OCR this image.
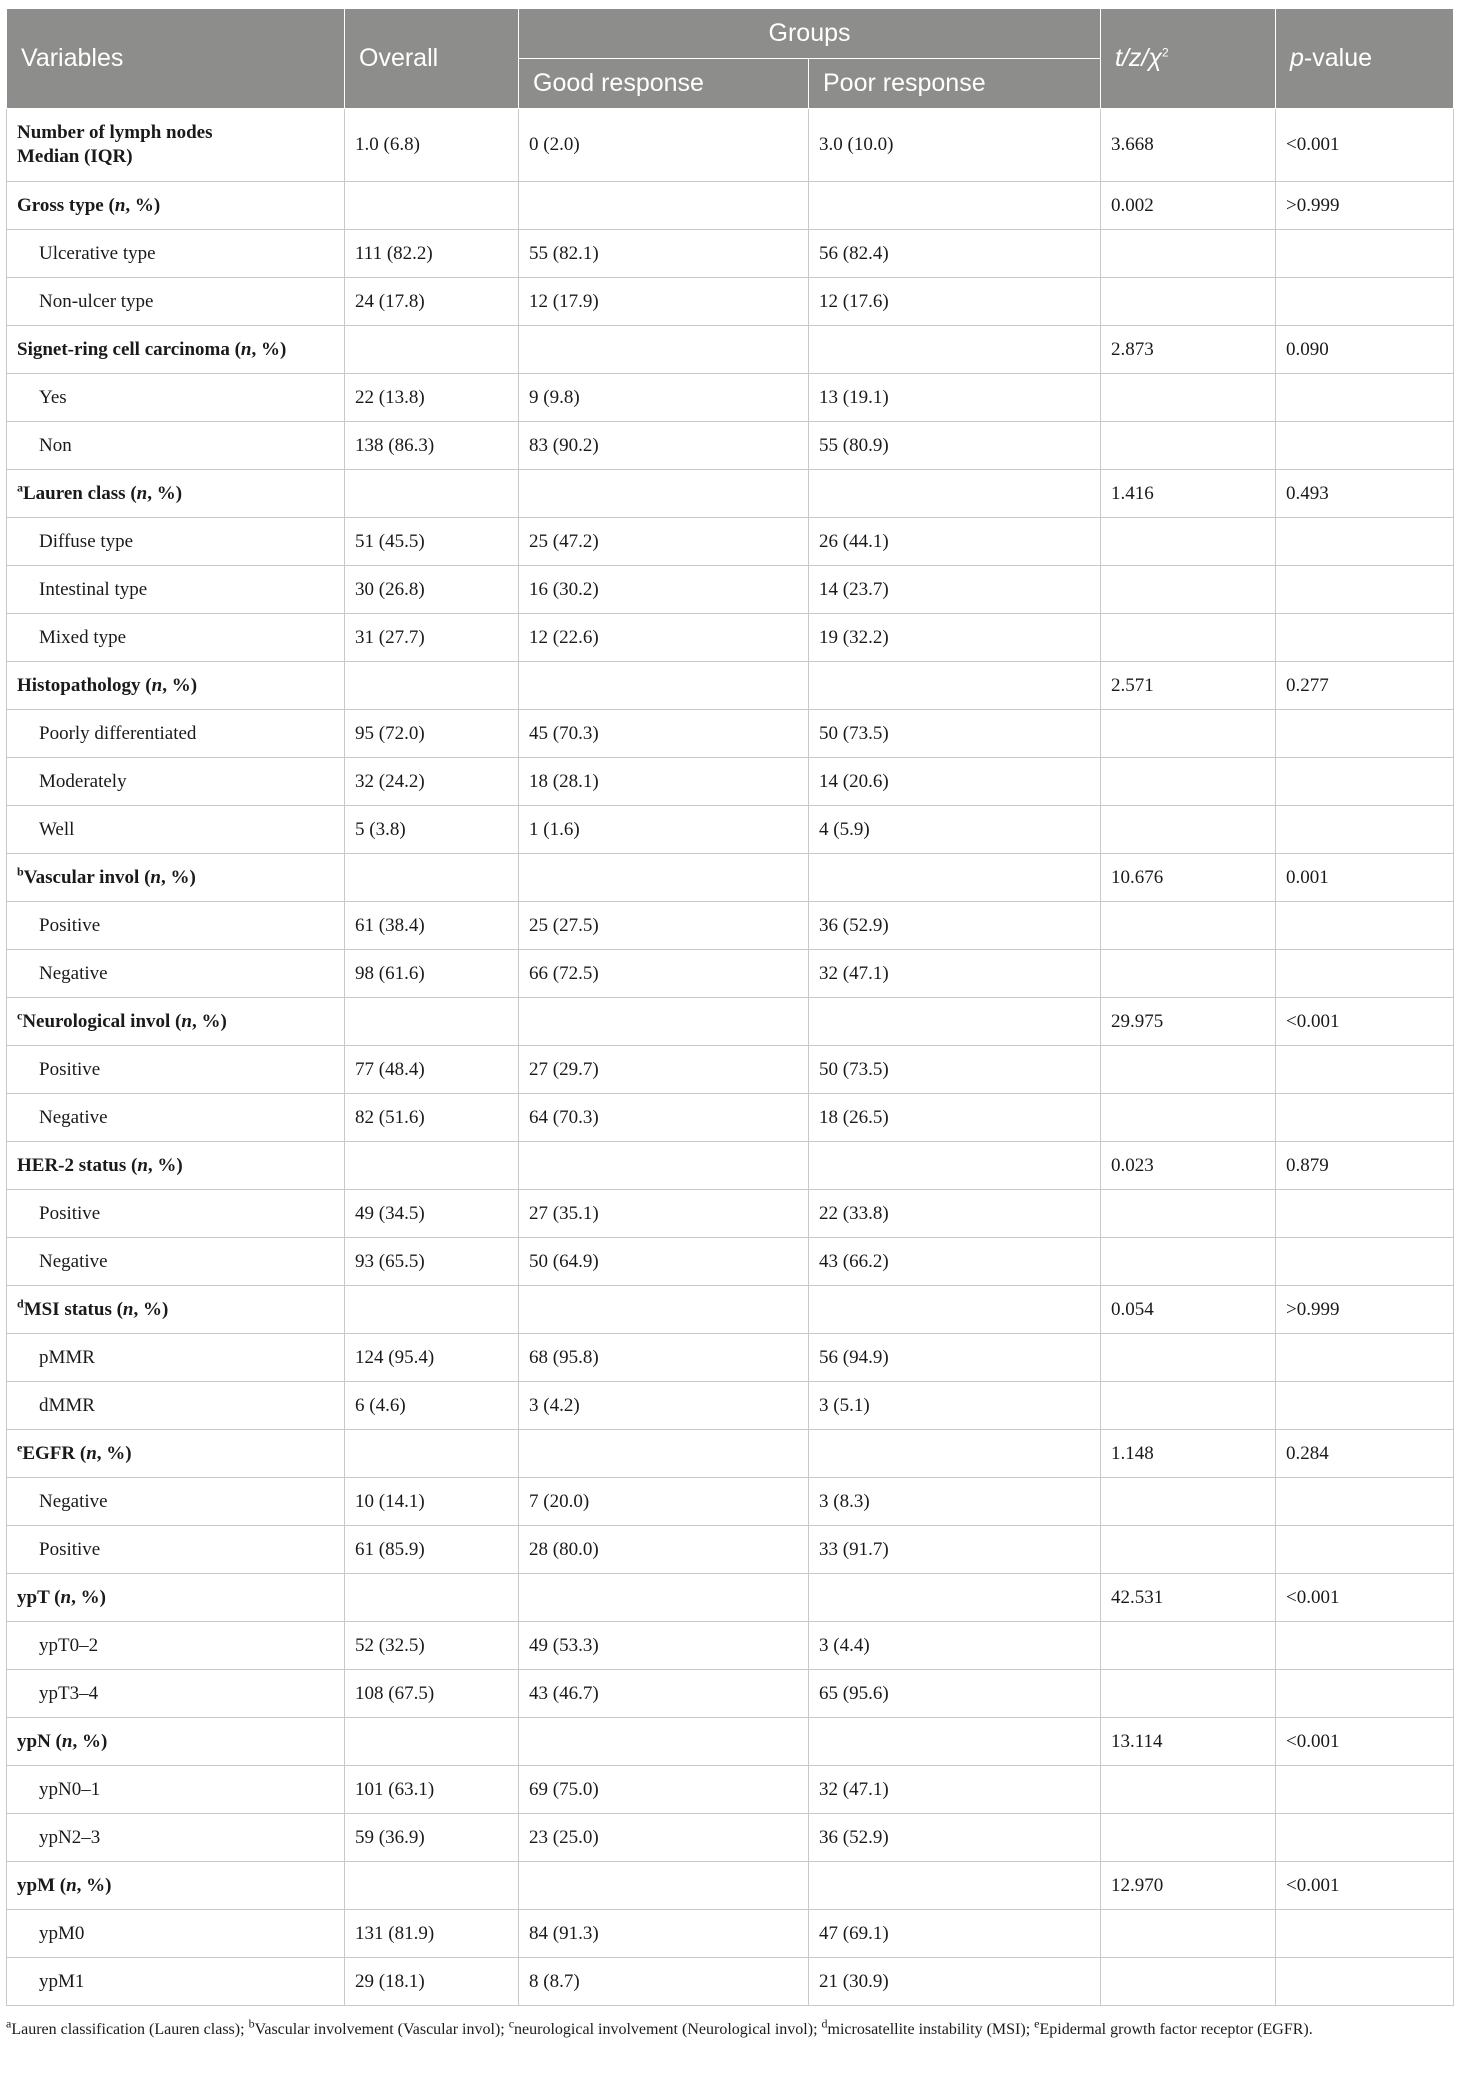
Variables	Overall	Groups		$t/z/\chi^2$	p-value
		Good response	Poor response		
Number of lymph nodes
Median (IQR)	1.0 (6.8)	0 (2.0)	3.0 (10.0)	3.668	<0.001
Gross type (n, %)				0.002	>0.999
Ulcerative type	111 (82.2)	55 (82.1)	56 (82.4)		
Non-ulcer type	24 (17.8)	12 (17.9)	12 (17.6)		
Signet-ring cell carcinoma (n, %)				2.873	0.090
Yes	22 (13.8)	9 (9.8)	13 (19.1)		
Non	138 (86.3)	83 (90.2)	55 (80.9)		
$^a$Lauren class (n, %)				1.416	0.493
Diffuse type	51 (45.5)	25 (47.2)	26 (44.1)		
Intestinal type	30 (26.8)	16 (30.2)	14 (23.7)		
Mixed type	31 (27.7)	12 (22.6)	19 (32.2)		
Histopathology (n, %)				2.571	0.277
Poorly differentiated	95 (72.0)	45 (70.3)	50 (73.5)		
Moderately	32 (24.2)	18 (28.1)	14 (20.6)		
Well	5 (3.8)	1 (1.6)	4 (5.9)		
$^b$Vascular invol (n, %)				10.676	0.001
Positive	61 (38.4)	25 (27.5)	36 (52.9)		
Negative	98 (61.6)	66 (72.5)	32 (47.1)		
$^c$Neurological invol (n, %)				29.975	<0.001
Positive	77 (48.4)	27 (29.7)	50 (73.5)		
Negative	82 (51.6)	64 (70.3)	18 (26.5)		
HER-2 status (n, %)				0.023	0.879
Positive	49 (34.5)	27 (35.1)	22 (33.8)		
Negative	93 (65.5)	50 (64.9)	43 (66.2)		
$^d$MSI status (n, %)				0.054	>0.999
pMMR	124 (95.4)	68 (95.8)	56 (94.9)		
dMMR	6 (4.6)	3 (4.2)	3 (5.1)		
$^e$EGFR (n, %)				1.148	0.284
Negative	10 (14.1)	7 (20.0)	3 (8.3)		
Positive	61 (85.9)	28 (80.0)	33 (91.7)		
ypT (n, %)				42.531	<0.001
ypT0–2	52 (32.5)	49 (53.3)	3 (4.4)		
ypT3–4	108 (67.5)	43 (46.7)	65 (95.6)		
ypN (n, %)				13.114	<0.001
ypN0–1	101 (63.1)	69 (75.0)	32 (47.1)		
ypN2–3	59 (36.9)	23 (25.0)	36 (52.9)		
ypM (n, %)				12.970	<0.001
ypM0	131 (81.9)	84 (91.3)	47 (69.1)		
ypM1	29 (18.1)	8 (8.7)	21 (30.9)		
$^a$Lauren classification (Lauren class); $^b$Vascular involvement (Vascular invol); $^c$neurological involvement (Neurological invol); $^d$microsatellite instability (MSI); $^e$Epidermal growth factor receptor (EGFR).
